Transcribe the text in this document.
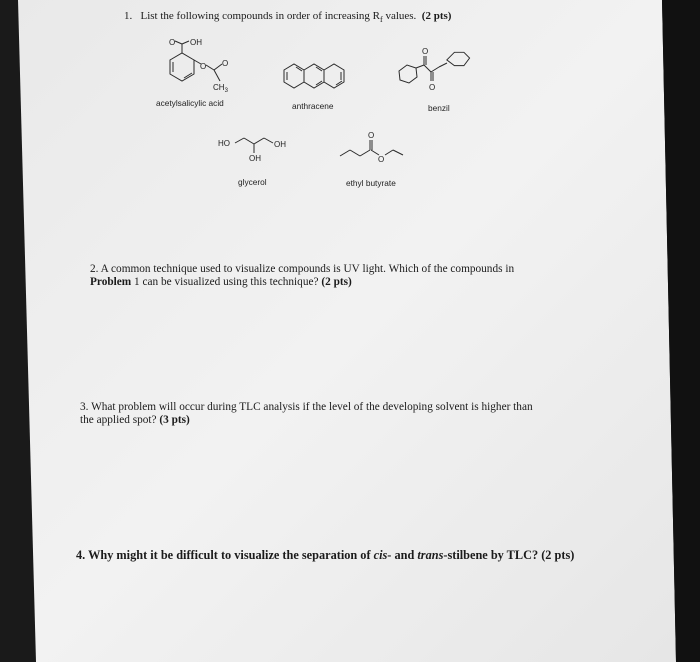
1. List the following compounds in order of increasing $R_f$ values. (2 pts)
O OH
O O
$CH_3$
acetylsalicylic acid	anthracene
O
O
benzil
HO	OH
OH
glycerol
O
O
ethyl butyrate
2. A common technique used to visualize compounds is UV light. Which of the compounds in
Problem 1 can be visualized using this technique? (2 pts)
3. What problem will occur during TLC analysis if the level of the developing solvent is higher than
the applied spot? (3 pts)
4. Why might it be difficult to visualize the separation of cis- and trans-stilbene by TLC? (2 pts)
